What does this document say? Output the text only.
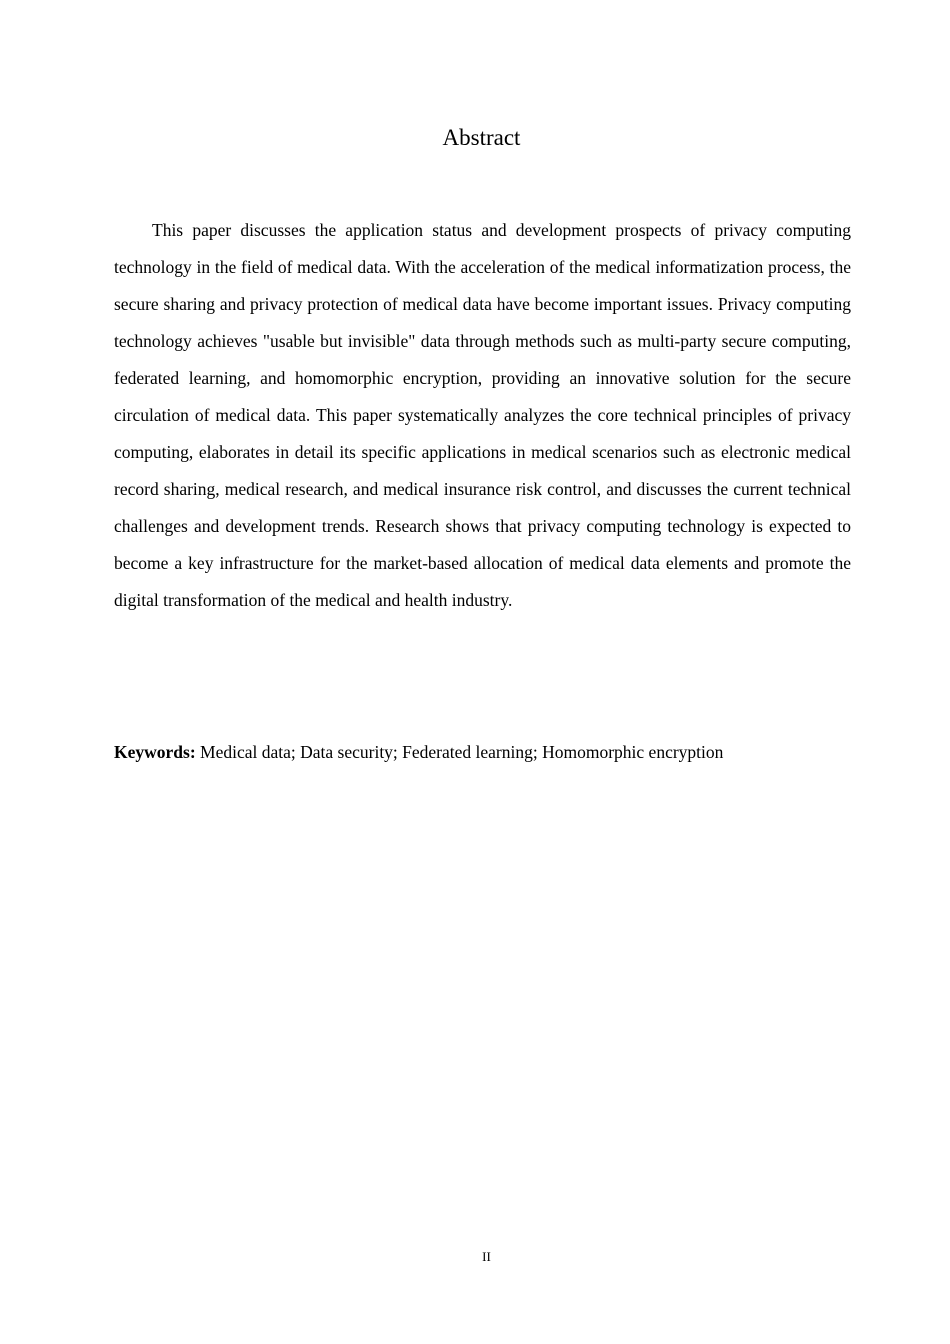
Abstract

This paper discusses the application status and development prospects of privacy computing technology in the field of medical data. With the acceleration of the medical informatization process, the secure sharing and privacy protection of medical data have become important issues. Privacy computing technology achieves "usable but invisible" data through methods such as multi-party secure computing, federated learning, and homomorphic encryption, providing an innovative solution for the secure circulation of medical data. This paper systematically analyzes the core technical principles of privacy computing, elaborates in detail its specific applications in medical scenarios such as electronic medical record sharing, medical research, and medical insurance risk control, and discusses the current technical challenges and development trends. Research shows that privacy computing technology is expected to become a key infrastructure for the market-based allocation of medical data elements and promote the digital transformation of the medical and health industry.

Keywords: Medical data; Data security; Federated learning; Homomorphic encryption

II
